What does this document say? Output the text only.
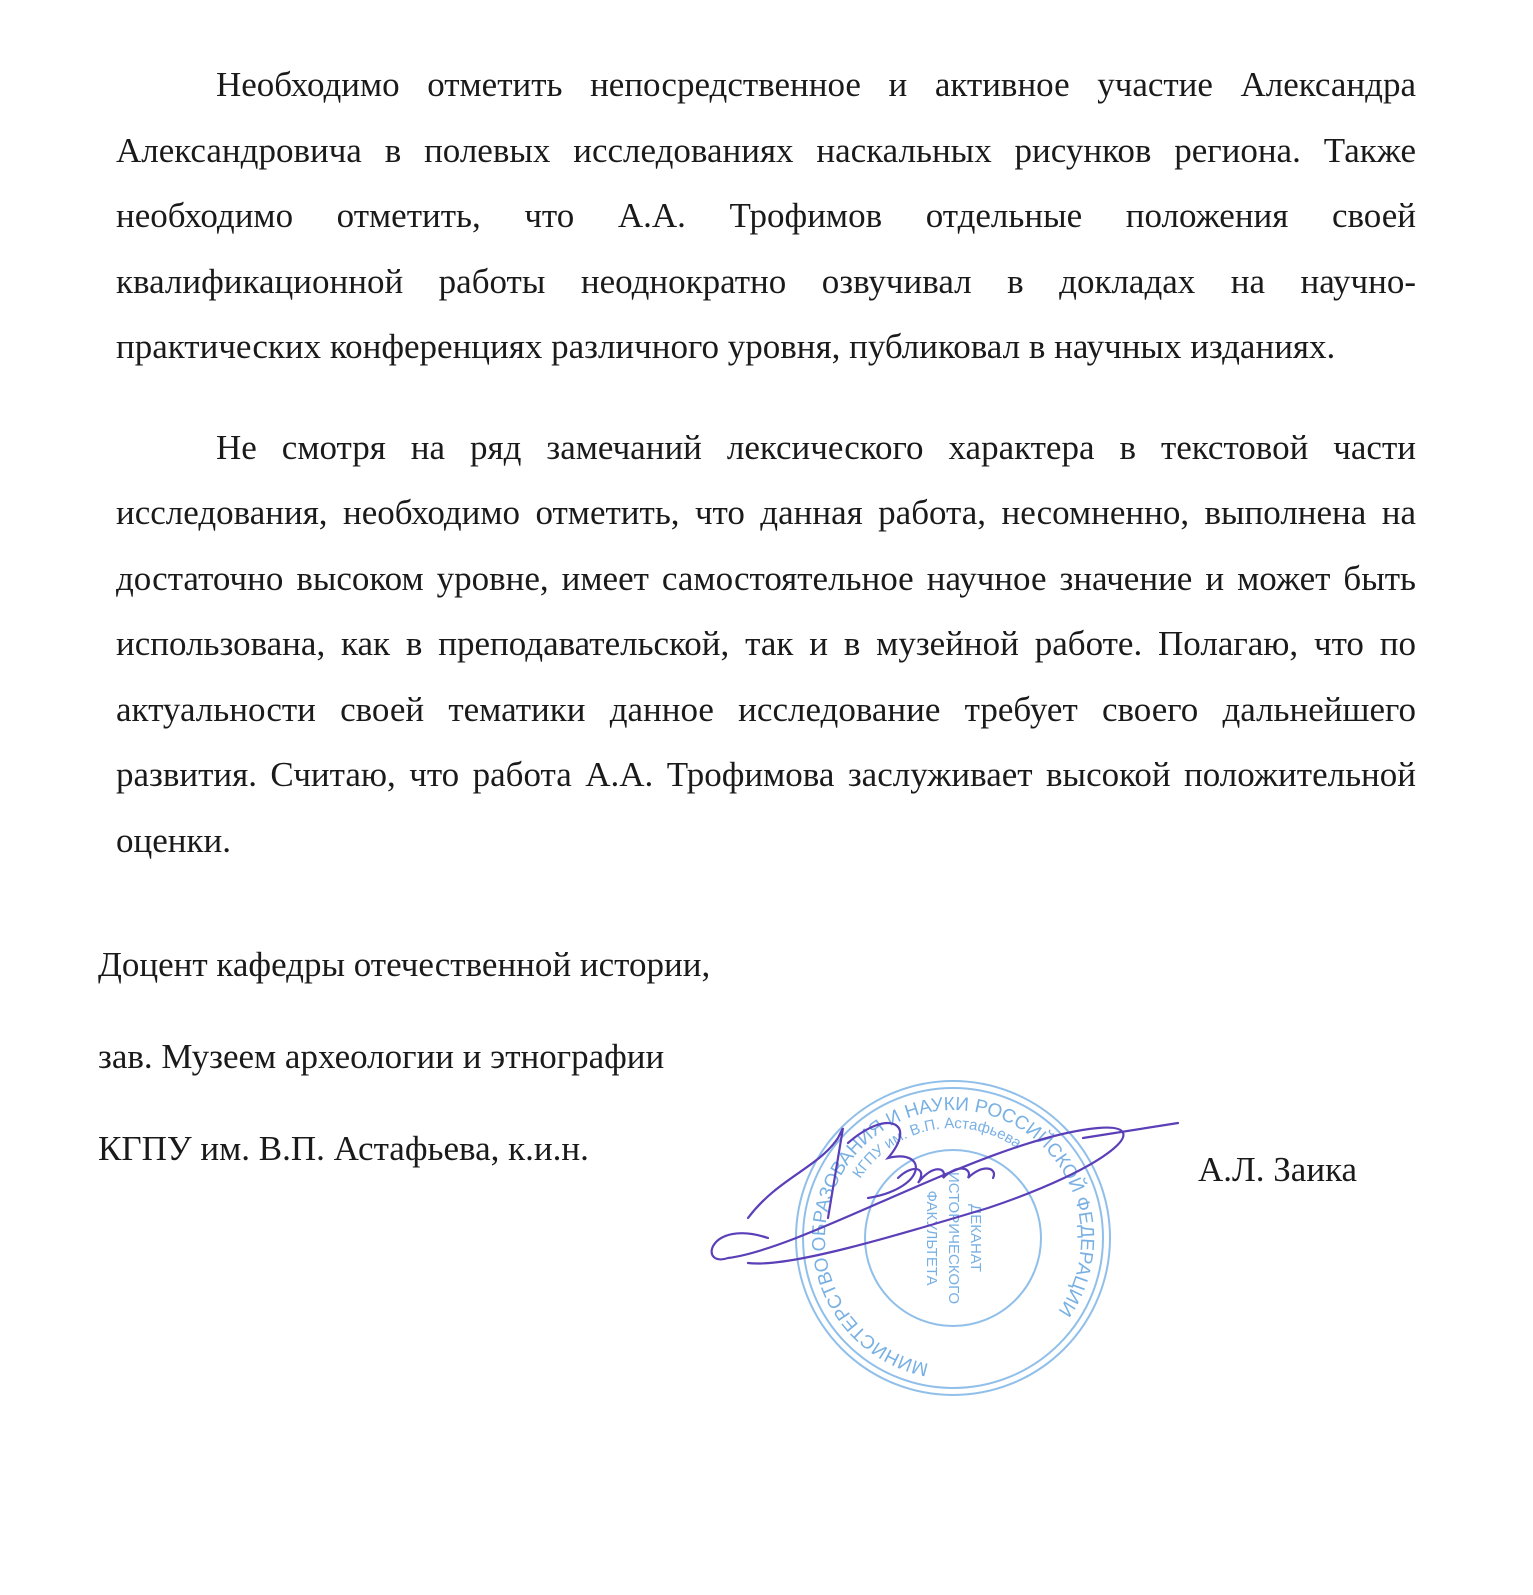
Необходимо отметить непосредственное и активное участие Александра Александровича в полевых исследованиях наскальных рисунков региона. Также необходимо отметить, что А.А. Трофимов отдельные положения своей квалификационной работы неоднократно озвучивал в докладах на научно-практических конференциях различного уровня, публиковал в научных изданиях.

Не смотря на ряд замечаний лексического характера в текстовой части исследования, необходимо отметить, что данная работа, несомненно, выполнена на достаточно высоком уровне, имеет самостоятельное научное значение и может быть использована, как в преподавательской, так и в музейной работе. Полагаю, что по актуальности своей тематики данное исследование требует своего дальнейшего развития. Считаю, что работа А.А. Трофимова заслуживает высокой положительной оценки.

Доцент кафедры отечественной истории,
зав. Музеем археологии и этнографии
КГПУ им. В.П. Астафьева, к.и.н.
А.Л. Заика
МИНИСТЕРСТВО ОБРАЗОВАНИЯ И НАУКИ РОССИЙСКОЙ ФЕДЕРАЦИИ
КГПУ им. В.П. Астафьева
ДЕКАНАТ
ИСТОРИЧЕСКОГО
ФАКУЛЬТЕТА
